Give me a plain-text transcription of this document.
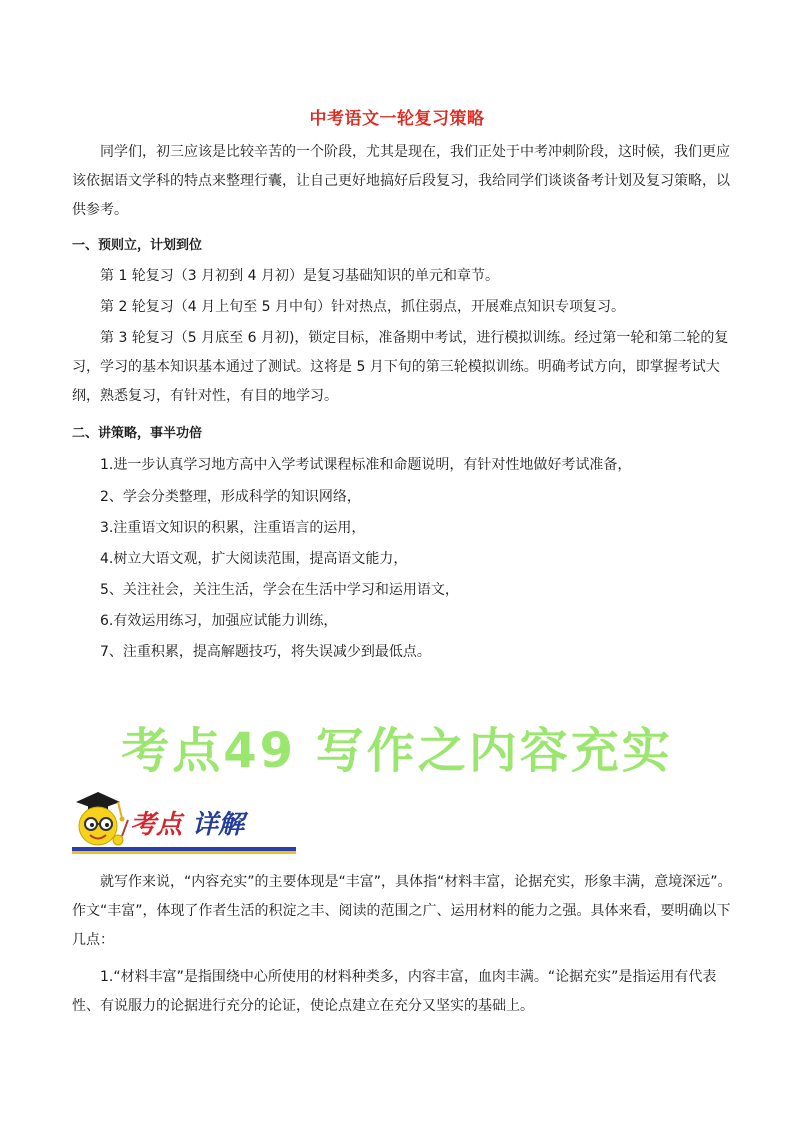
中考语文一轮复习策略

同学们，初三应该是比较辛苦的一个阶段，尤其是现在，我们正处于中考冲刺阶段，这时候，我们更应该依据语文学科的特点来整理行囊，让自己更好地搞好后段复习，我给同学们谈谈备考计划及复习策略，以供参考。

一、预则立，计划到位

第 1 轮复习（3 月初到 4 月初）是复习基础知识的单元和章节。

第 2 轮复习（4 月上旬至 5 月中旬）针对热点，抓住弱点，开展难点知识专项复习。

第 3 轮复习（5 月底至 6 月初)，锁定目标，准备期中考试，进行模拟训练。经过第一轮和第二轮的复习，学习的基本知识基本通过了测试。这将是 5 月下旬的第三轮模拟训练。明确考试方向，即掌握考试大纲，熟悉复习，有针对性，有目的地学习。

二、讲策略，事半功倍
1.进一步认真学习地方高中入学考试课程标准和命题说明，有针对性地做好考试准备，
2、学会分类整理，形成科学的知识网络，
3.注重语文知识的积累，注重语言的运用，
4.树立大语文观，扩大阅读范围，提高语文能力，
5、关注社会，关注生活，学会在生活中学习和运用语文，
6.有效运用练习，加强应试能力训练，
7、注重积累，提高解题技巧，将失误减少到最低点。
考点49 写作之内容充实
考点 详解

就写作来说，“内容充实”的主要体现是“丰富”，具体指“材料丰富，论据充实，形象丰满，意境深远”。作文“丰富”，体现了作者生活的积淀之丰、阅读的范围之广、运用材料的能力之强。具体来看，要明确以下几点：

1.“材料丰富”是指围绕中心所使用的材料种类多，内容丰富，血肉丰满。“论据充实”是指运用有代表性、有说服力的论据进行充分的论证，使论点建立在充分又坚实的基础上。
